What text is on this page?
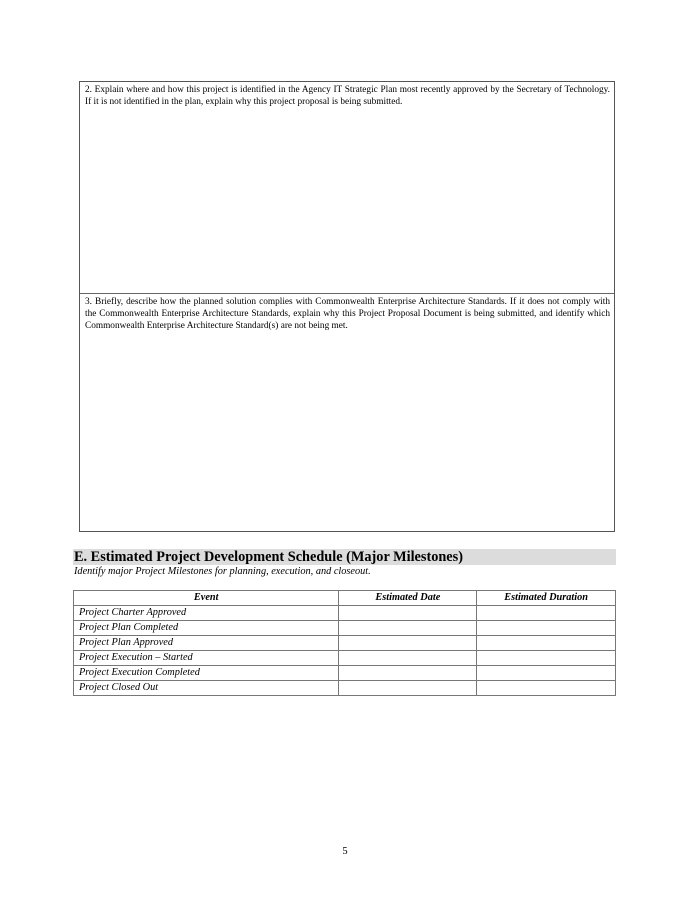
2. Explain where and how this project is identified in the Agency IT Strategic Plan most recently approved by the Secretary of Technology. If it is not identified in the plan, explain why this project proposal is being submitted.
3. Briefly, describe how the planned solution complies with Commonwealth Enterprise Architecture Standards. If it does not comply with the Commonwealth Enterprise Architecture Standards, explain why this Project Proposal Document is being submitted, and identify which Commonwealth Enterprise Architecture Standard(s) are not being met.
E. Estimated Project Development Schedule (Major Milestones)
Identify major Project Milestones for planning, execution, and closeout.
Event	Estimated Date	Estimated Duration
Project Charter Approved		
Project Plan Completed		
Project Plan Approved		
Project Execution – Started		
Project Execution Completed		
Project Closed Out		
5
